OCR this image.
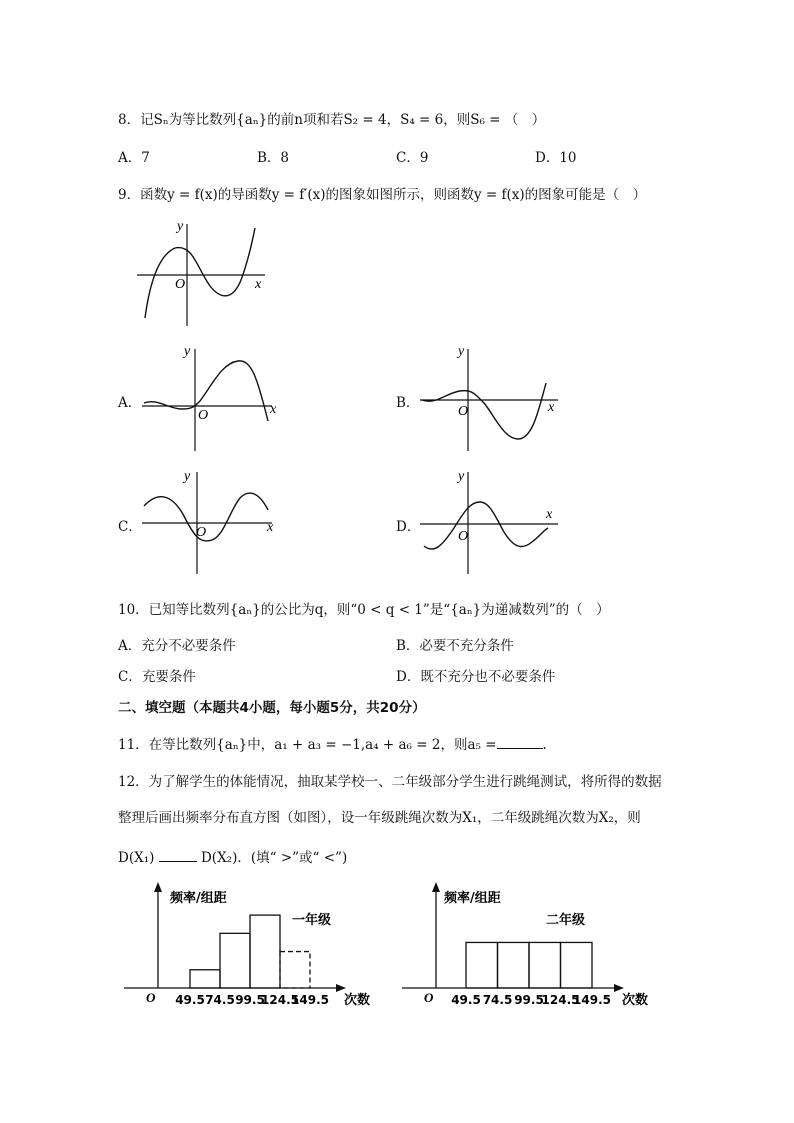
8．记Sₙ为等比数列{aₙ}的前n项和若S₂ = 4，S₄ = 6，则S₆ = （　）
A．7	B．8	C．9	D．10
9．函数y = f(x)的导函数y = f′(x)的图象如图所示，则函数y = f(x)的图象可能是（　）
y
x
O
A．
y
x
O
B．
y
x
O
C．
y
x
O	D．
y
x
O
10．已知等比数列{aₙ}的公比为q，则“0 < q < 1”是“{aₙ}为递减数列”的（　）
A．充分不必要条件	B．必要不充分条件
C．充要条件	D．既不充分也不必要条件
二、填空题（本题共4小题，每小题5分，共20分）
11．在等比数列{aₙ}中，a₁ + a₃ = −1,a₄ + a₆ = 2，则a₅ =	.
12．为了解学生的体能情况，抽取某学校一、二年级部分学生进行跳绳测试，将所得的数据
整理后画出频率分布直方图（如图），设一年级跳绳次数为X₁，二年级跳绳次数为X₂，则
D(X₁)	D(X₂)．(填“ >”或“ <”)
频率/组距
一年级
O	次数
49.5 74.5 99.5
124.5
149.5
频率/组距
二年级
O	次数
49.5 74.5 99.5
124.5
149.5
